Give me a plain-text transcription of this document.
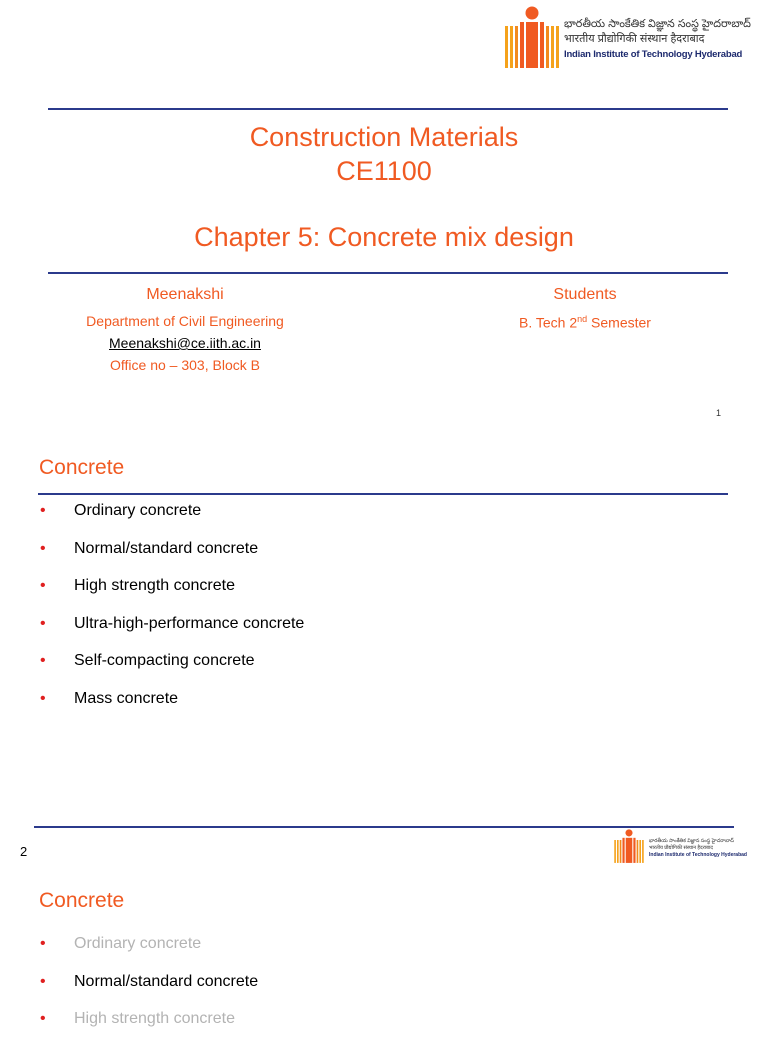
భారతీయ సాంకేతిక విజ్ఞాన సంస్థ హైదరాబాద్
भारतीय प्रौद्योगिकी संस्थान हैदराबाद
Indian Institute of Technology Hyderabad
Construction Materials
CE1100
Chapter 5: Concrete mix design
Meenakshi
Department of Civil Engineering
Meenakshi@ce.iith.ac.in
Office no – 303, Block B
Students
B. Tech 2nd Semester
1
Concrete
• Ordinary concrete
• Normal/standard concrete
• High strength concrete
• Ultra-high-performance concrete
• Self-compacting concrete
• Mass concrete
2
భారతీయ సాంకేతిక విజ్ఞాన సంస్థ హైదరాబాద్
भारतीय प्रौद्योगिकी संस्थान हैदराबाद
Indian Institute of Technology Hyderabad
Concrete
• Ordinary concrete
• Normal/standard concrete
• High strength concrete
